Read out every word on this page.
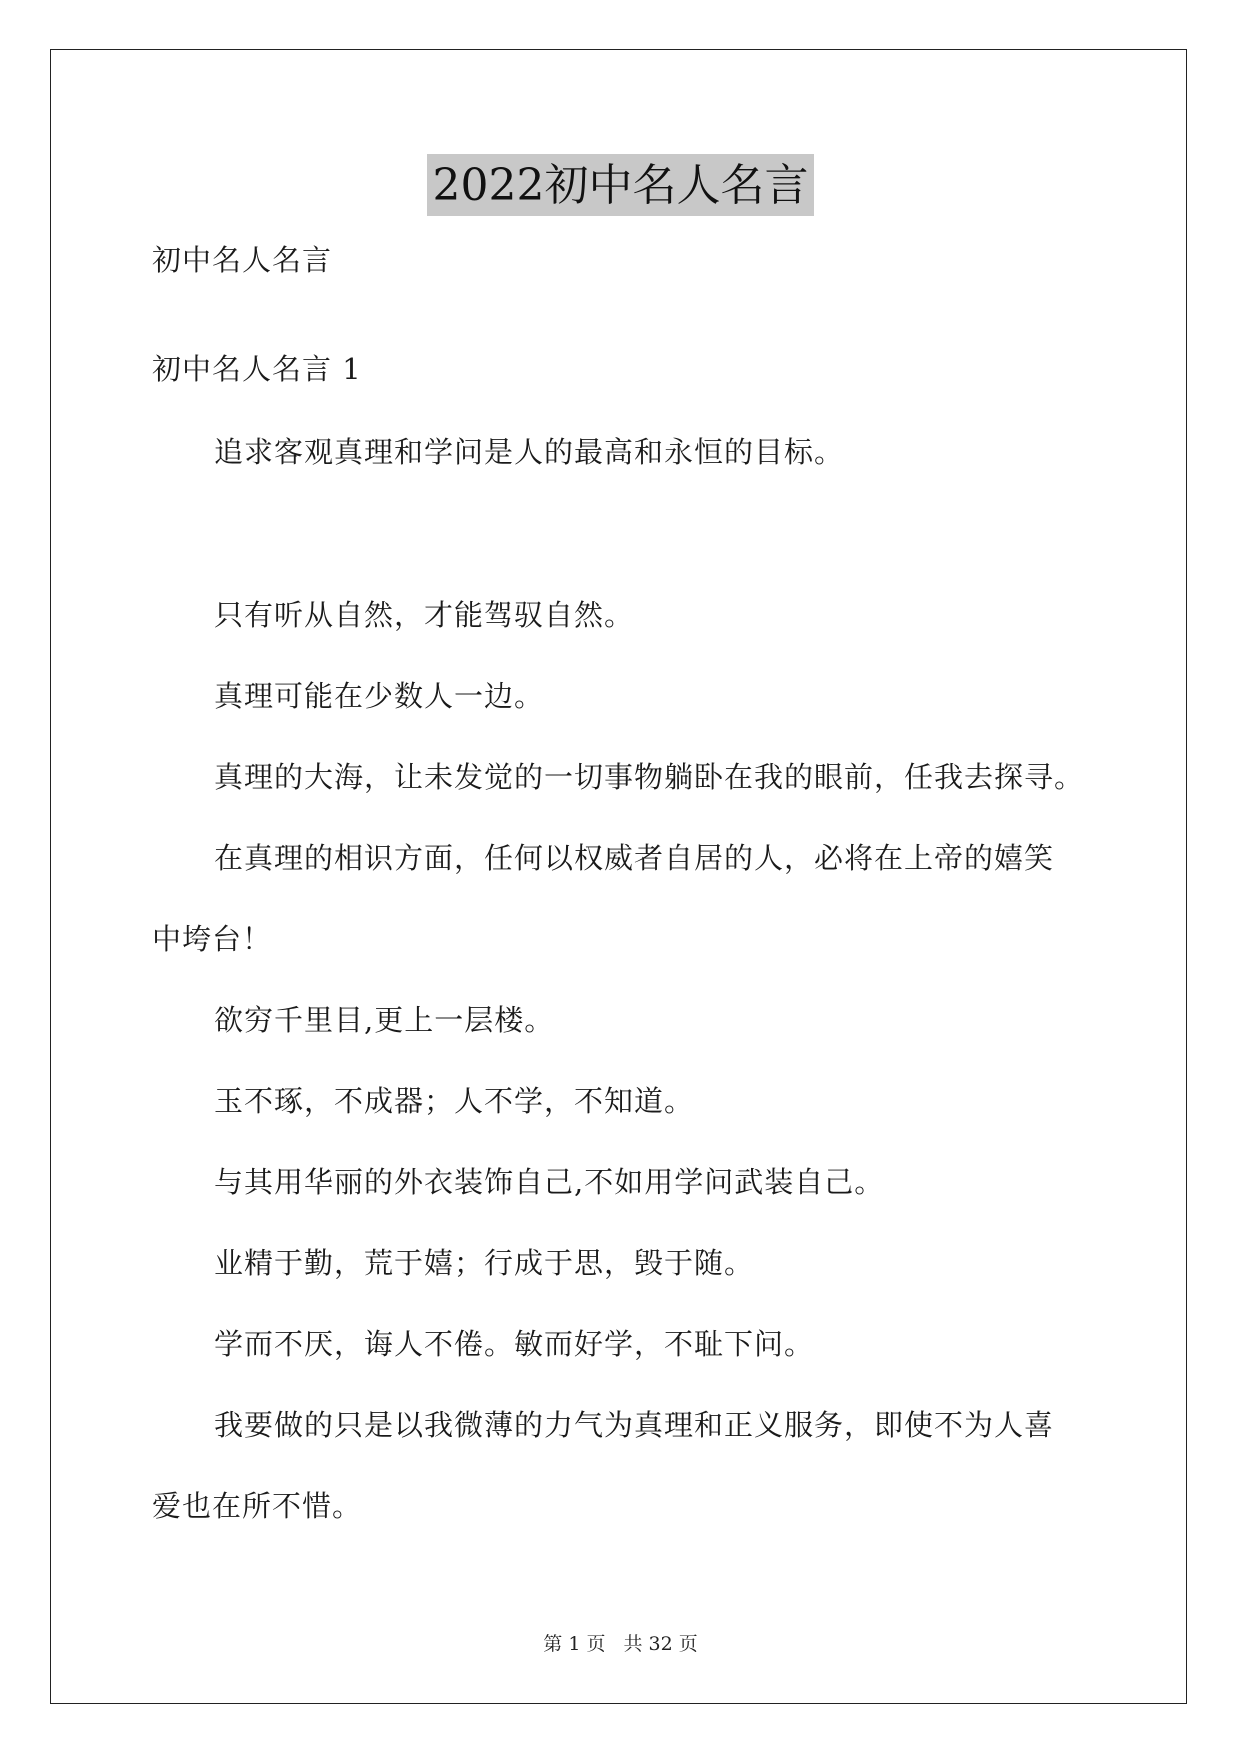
2022初中名人名言
初中名人名言
初中名人名言 1
追求客观真理和学问是人的最高和永恒的目标。
只有听从自然，才能驾驭自然。
真理可能在少数人一边。
真理的大海，让未发觉的一切事物躺卧在我的眼前，任我去探寻。
在真理的相识方面，任何以权威者自居的人，必将在上帝的嬉笑
中垮台！
欲穷千里目,更上一层楼。
玉不琢，不成器；人不学，不知道。
与其用华丽的外衣装饰自己,不如用学问武装自己。
业精于勤，荒于嬉；行成于思，毁于随。
学而不厌，诲人不倦。敏而好学，不耻下问。
我要做的只是以我微薄的力气为真理和正义服务，即使不为人喜
爱也在所不惜。
第 1 页 共 32 页
